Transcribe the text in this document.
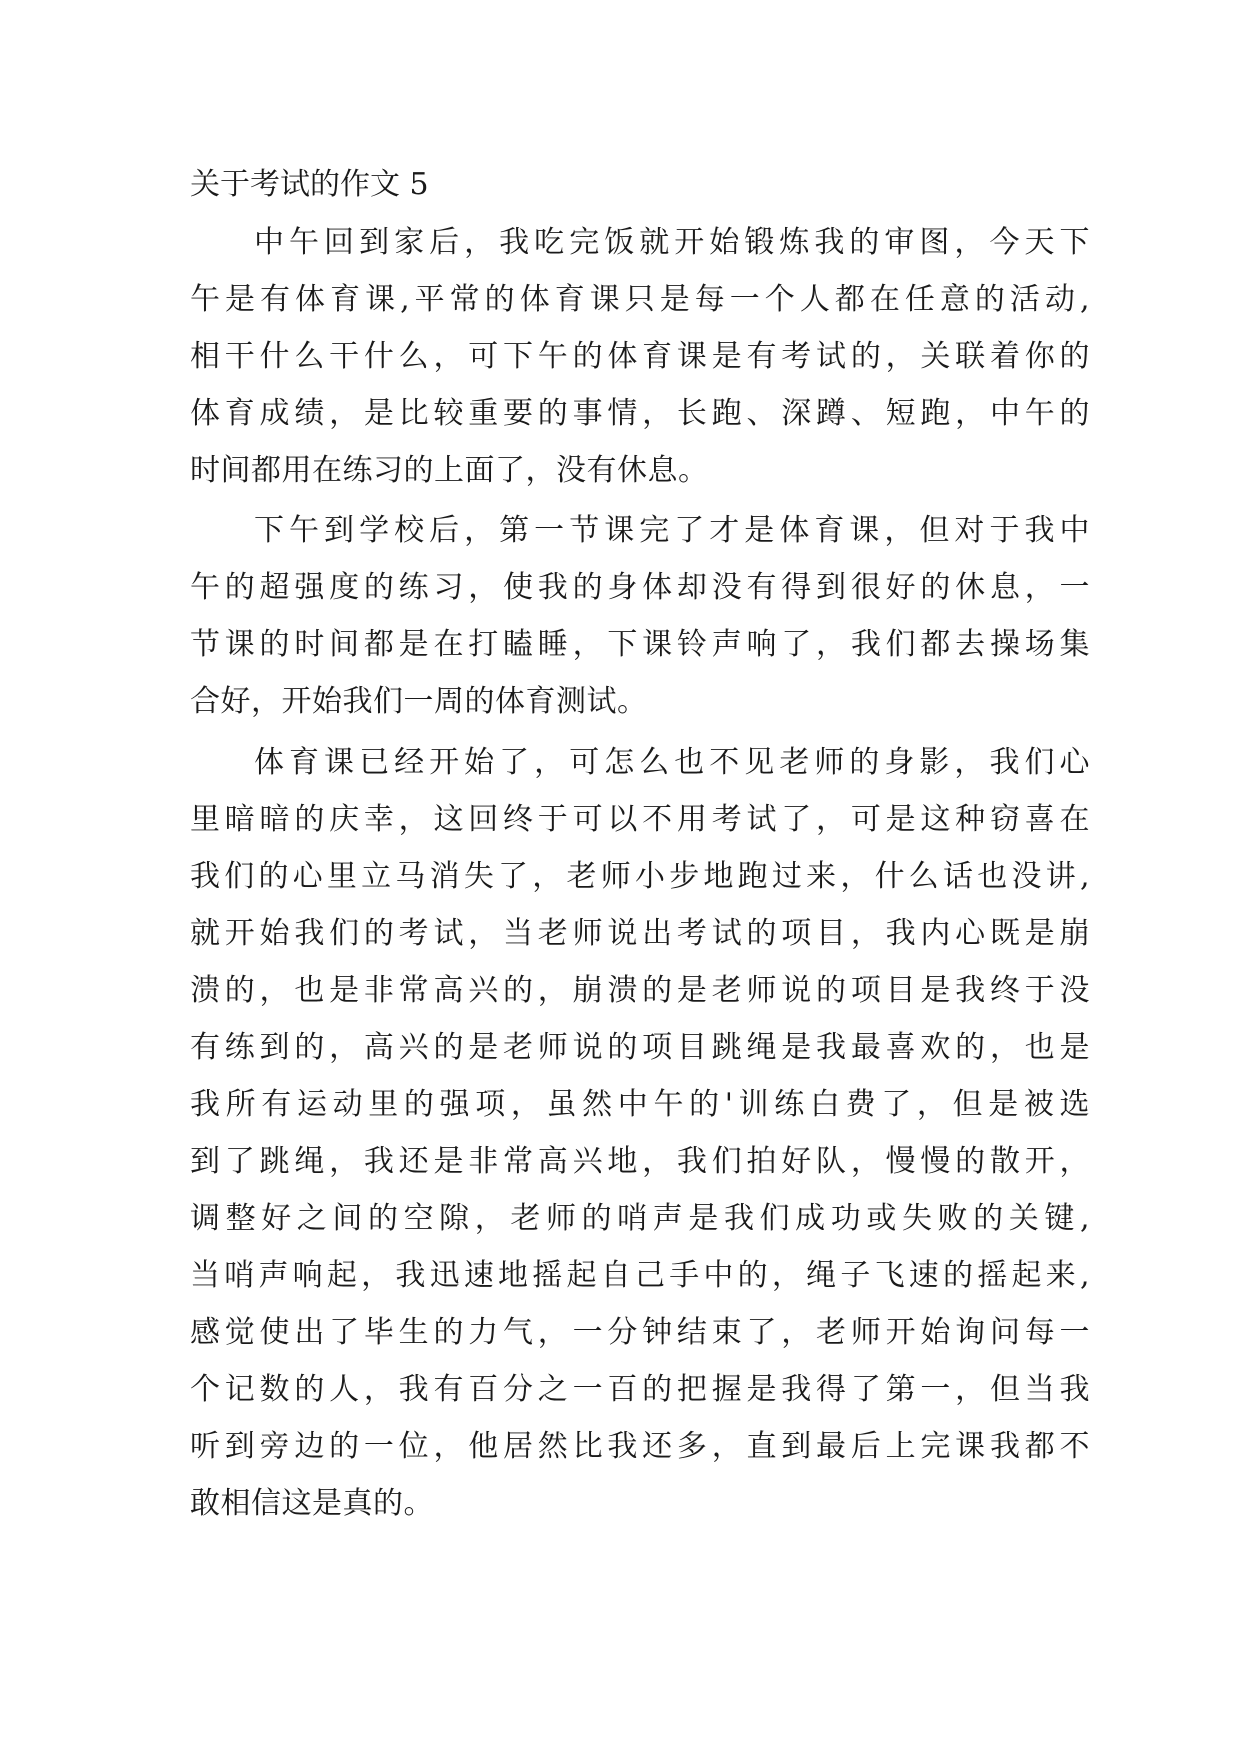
关于考试的作文 5
中午回到家后，我吃完饭就开始锻炼我的审图，今天下
午是有体育课,平常的体育课只是每一个人都在任意的活动,
相干什么干什么，可下午的体育课是有考试的，关联着你的
体育成绩，是比较重要的事情，长跑、深蹲、短跑，中午的
时间都用在练习的上面了，没有休息。
下午到学校后，第一节课完了才是体育课，但对于我中
午的超强度的练习，使我的身体却没有得到很好的休息，一
节课的时间都是在打瞌睡，下课铃声响了，我们都去操场集
合好，开始我们一周的体育测试。
体育课已经开始了，可怎么也不见老师的身影，我们心
里暗暗的庆幸，这回终于可以不用考试了，可是这种窃喜在
我们的心里立马消失了，老师小步地跑过来，什么话也没讲,
就开始我们的考试，当老师说出考试的项目，我内心既是崩
溃的，也是非常高兴的，崩溃的是老师说的项目是我终于没
有练到的，高兴的是老师说的项目跳绳是我最喜欢的，也是
我所有运动里的强项，虽然中午的'训练白费了，但是被选
到了跳绳，我还是非常高兴地，我们拍好队，慢慢的散开，
调整好之间的空隙，老师的哨声是我们成功或失败的关键,
当哨声响起，我迅速地摇起自己手中的，绳子飞速的摇起来,
感觉使出了毕生的力气，一分钟结束了，老师开始询问每一
个记数的人，我有百分之一百的把握是我得了第一，但当我
听到旁边的一位，他居然比我还多，直到最后上完课我都不
敢相信这是真的。
